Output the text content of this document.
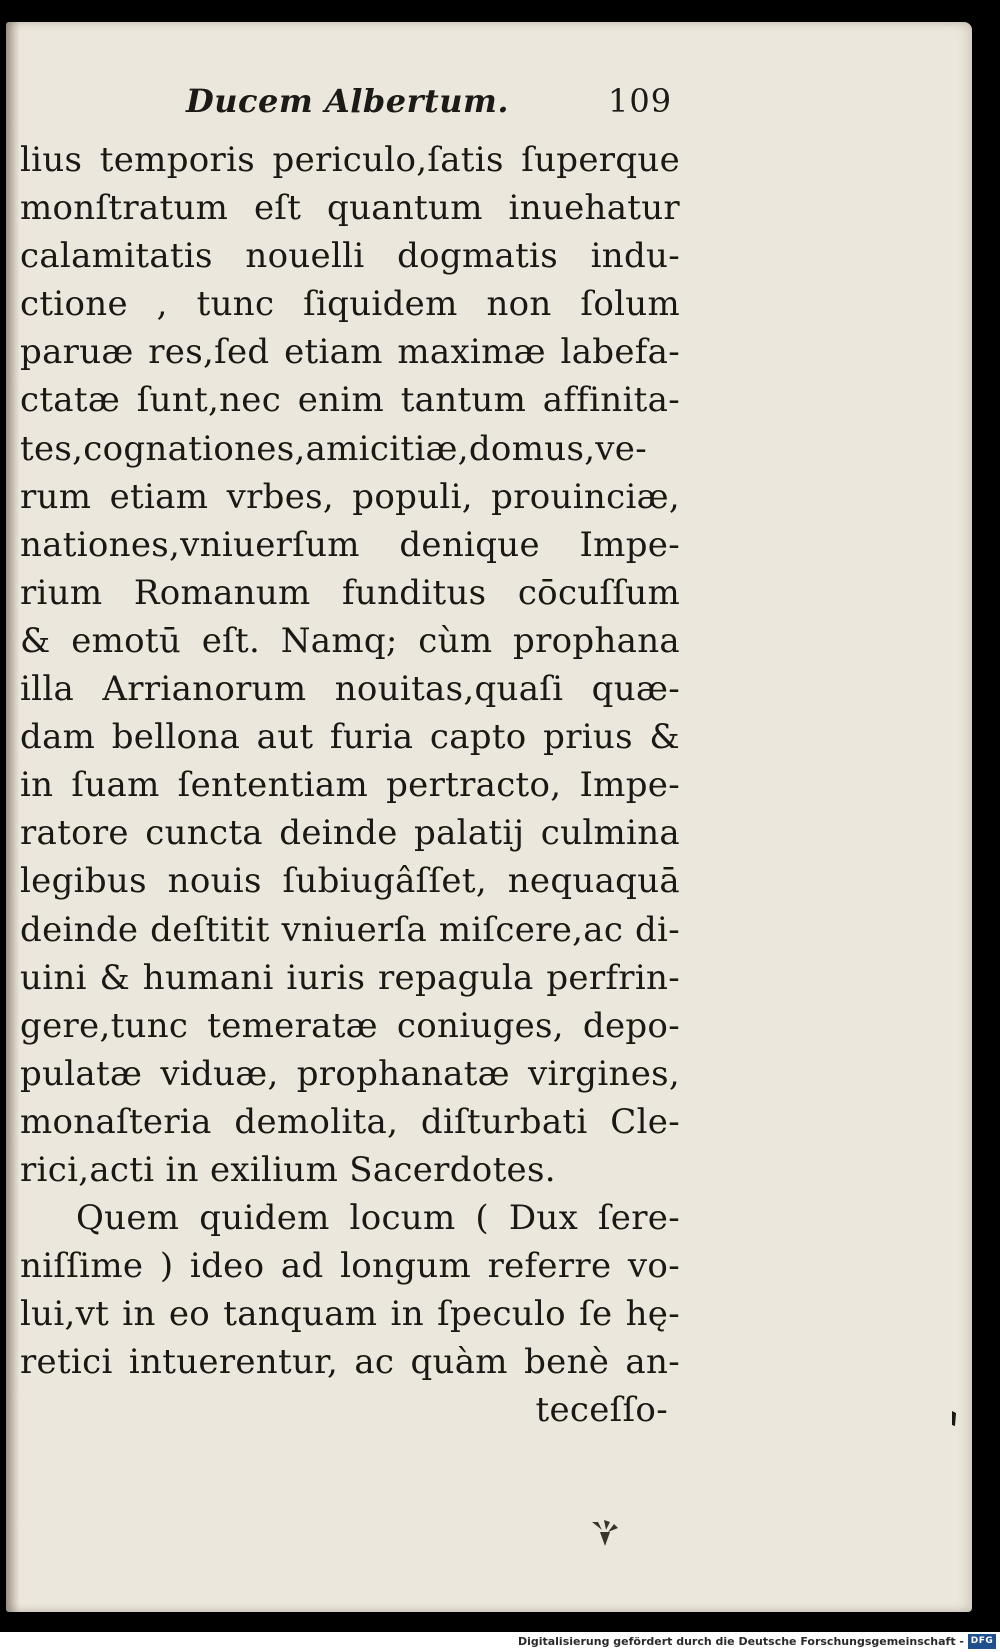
Ducem Albertum.	109
lius temporis periculo,ſatis ſuperque
monſtratum eſt quantum inuehatur
calamitatis nouelli dogmatis indu-
ctione , tunc ſiquidem non ſolum
paruæ res,ſed etiam maximæ labefa-
ctatæ ſunt,nec enim tantum affinita-
tes,cognationes,amicitiæ,domus,ve-
rum etiam vrbes, populi, prouinciæ,
nationes,vniuerſum denique Impe-
rium Romanum funditus cōcuſſum
& emotū eſt. Namq; cùm prophana
illa Arrianorum nouitas,quaſi quæ-
dam bellona aut furia capto prius &
in ſuam ſententiam pertracto, Impe-
ratore cuncta deinde palatij culmina
legibus nouis ſubiugâſſet, nequaquā
deinde deſtitit vniuerſa miſcere,ac di-
uini & humani iuris repagula perfrin-
gere,tunc temeratæ coniuges, depo-
pulatæ viduæ, prophanatæ virgines,
monaſteria demolita, diſturbati Cle-
rici,acti in exilium Sacerdotes.
Quem quidem locum ( Dux ſere-
niſſime ) ideo ad longum referre vo-
lui,vt in eo tanquam in ſpeculo ſe hę-
retici intuerentur, ac quàm benè an-
teceſſo-
Digitalisierung gefördert durch die Deutsche Forschungsgemeinschaft - DFG
